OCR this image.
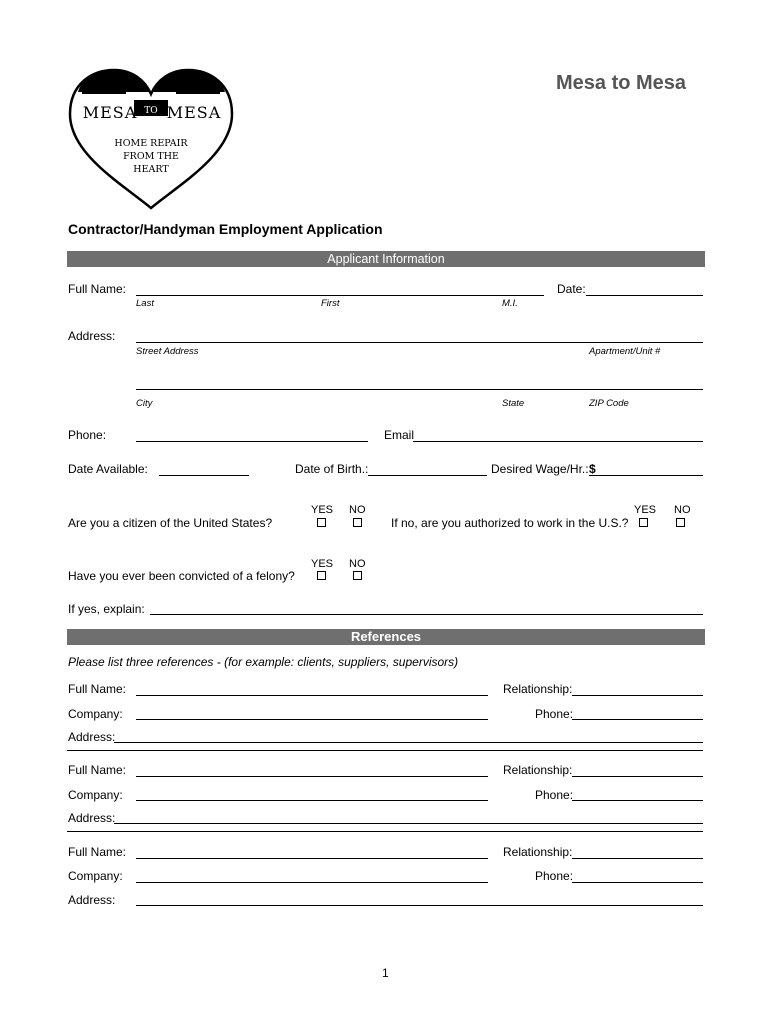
MESA TO MESA
HOME REPAIR
FROM THE
HEART
Mesa to Mesa
Contractor/Handyman Employment Application
Applicant Information
Full Name:	Date:
Last	First	M.I.
Address:
Street Address	Apartment/Unit #
City	State	ZIP Code
Phone:	Email
Date Available:	Date of Birth.:	Desired Wage/Hr.: $
YES NO
Are you a citizen of the United States?
YES NO
If no, are you authorized to work in the U.S.?
YES NO
Have you ever been convicted of a felony?
If yes, explain:
References
Please list three references - (for example: clients, suppliers, supervisors)
Full Name:	Relationship:
Company:	Phone:
Address:
Full Name:	Relationship:
Company:	Phone:
Address:
Full Name:	Relationship:
Company:	Phone:
Address:
1
